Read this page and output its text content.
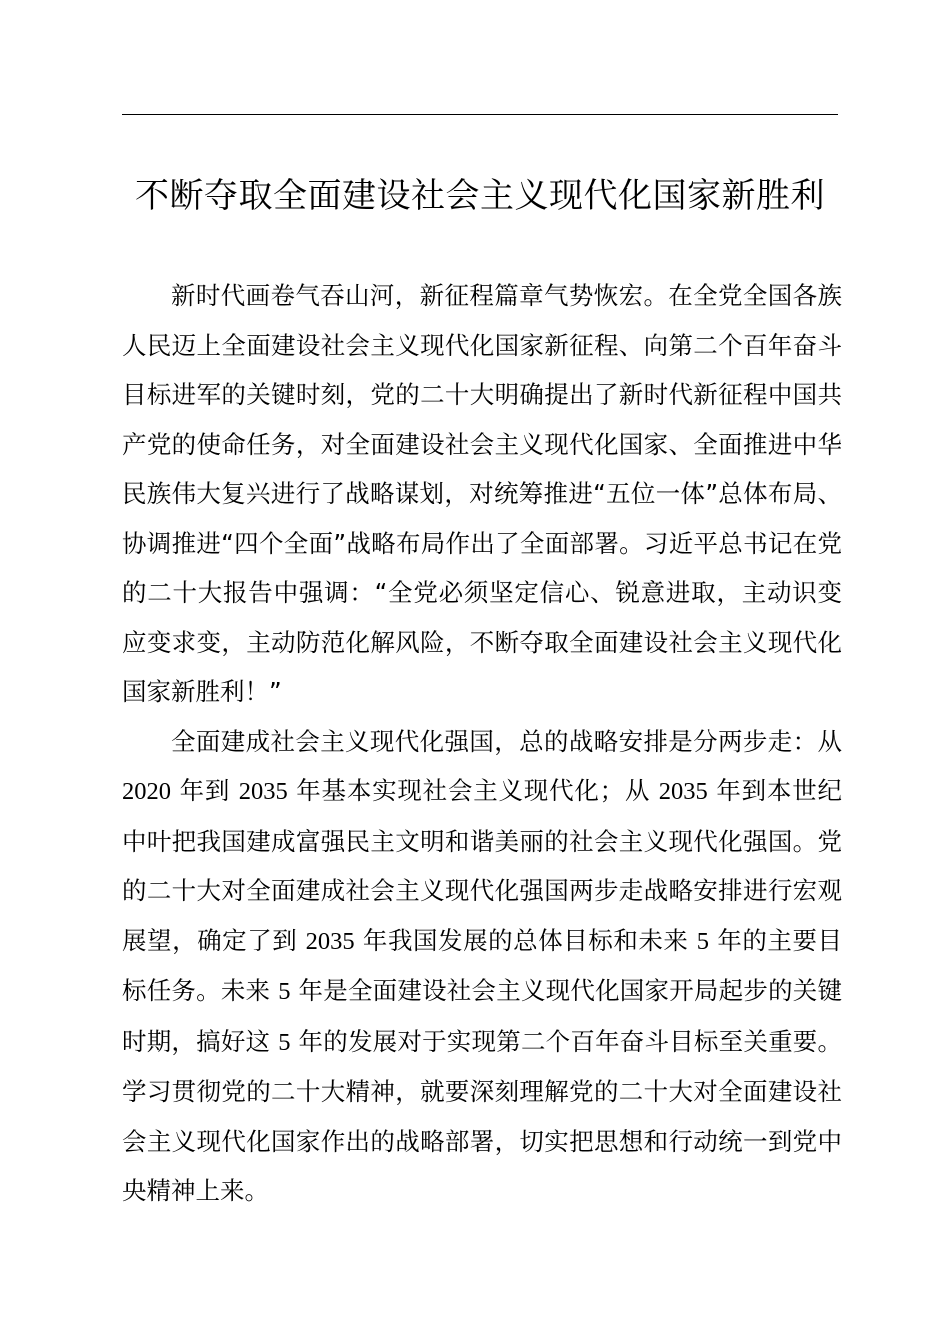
不断夺取全面建设社会主义现代化国家新胜利

新时代画卷气吞山河，新征程篇章气势恢宏。在全党全国各族人民迈上全面建设社会主义现代化国家新征程、向第二个百年奋斗目标进军的关键时刻，党的二十大明确提出了新时代新征程中国共产党的使命任务，对全面建设社会主义现代化国家、全面推进中华民族伟大复兴进行了战略谋划，对统筹推进“五位一体”总体布局、协调推进“四个全面”战略布局作出了全面部署。习近平总书记在党的二十大报告中强调：“全党必须坚定信心、锐意进取，主动识变应变求变，主动防范化解风险，不断夺取全面建设社会主义现代化国家新胜利！”

全面建成社会主义现代化强国，总的战略安排是分两步走：从 2020 年到 2035 年基本实现社会主义现代化；从 2035 年到本世纪中叶把我国建成富强民主文明和谐美丽的社会主义现代化强国。党的二十大对全面建成社会主义现代化强国两步走战略安排进行宏观展望，确定了到 2035 年我国发展的总体目标和未来 5 年的主要目标任务。未来 5 年是全面建设社会主义现代化国家开局起步的关键时期，搞好这 5 年的发展对于实现第二个百年奋斗目标至关重要。学习贯彻党的二十大精神，就要深刻理解党的二十大对全面建设社会主义现代化国家作出的战略部署，切实把思想和行动统一到党中央精神上来。
